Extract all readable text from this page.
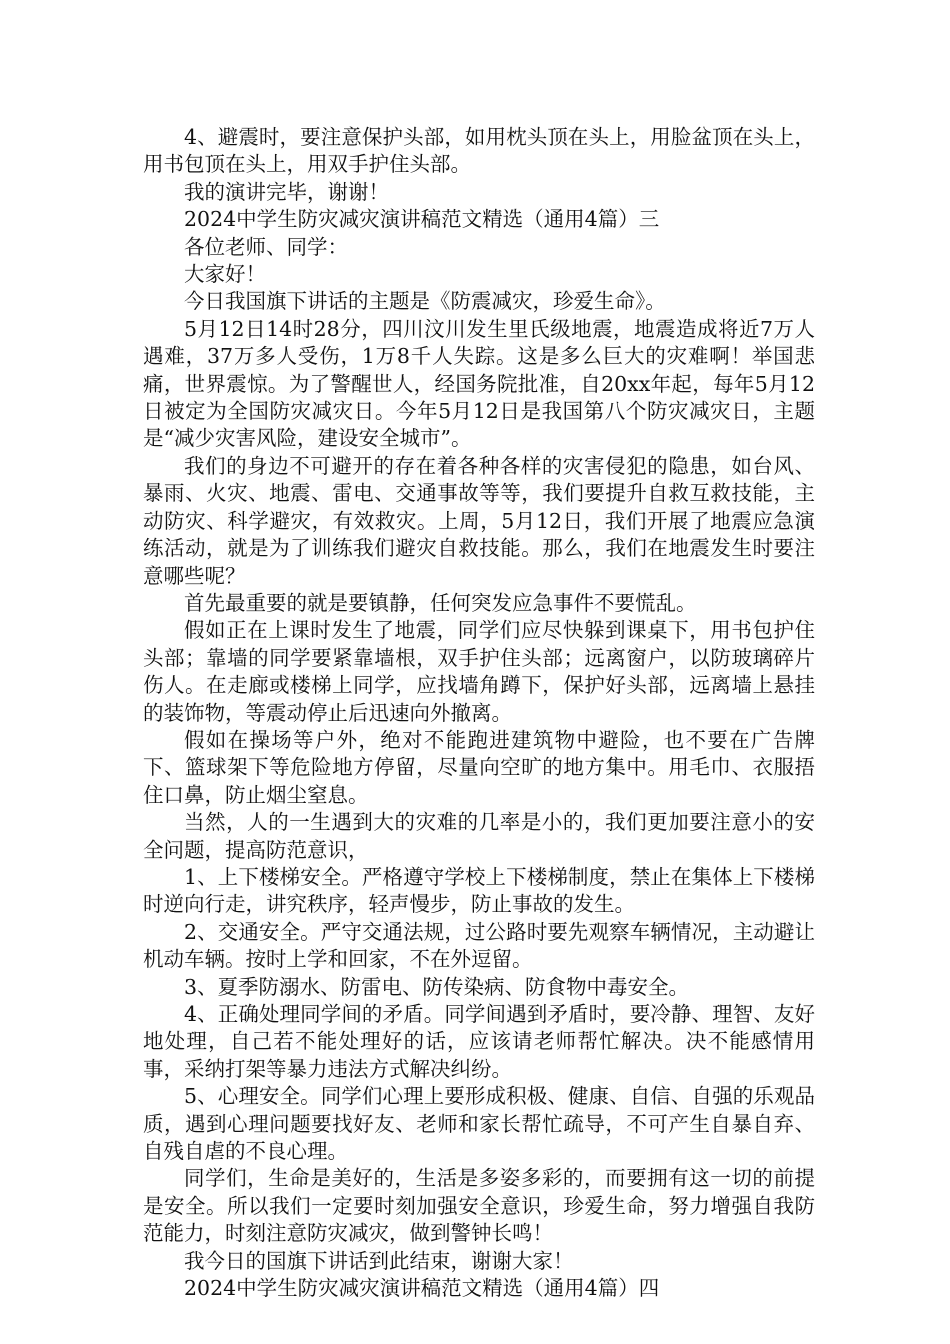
4、避震时，要注意保护头部，如用枕头顶在头上，用脸盆顶在头上，用书包顶在头上，用双手护住头部。

我的演讲完毕，谢谢！

2024中学生防灾减灾演讲稿范文精选（通用4篇）三

各位老师、同学：

大家好！

今日我国旗下讲话的主题是《防震减灾，珍爱生命》。

5月12日14时28分，四川汶川发生里氏级地震，地震造成将近7万人遇难，37万多人受伤，1万8千人失踪。这是多么巨大的灾难啊！举国悲痛，世界震惊。为了警醒世人，经国务院批准，自20xx年起，每年5月12日被定为全国防灾减灾日。今年5月12日是我国第八个防灾减灾日，主题是“减少灾害风险，建设安全城市”。

我们的身边不可避开的存在着各种各样的灾害侵犯的隐患，如台风、暴雨、火灾、地震、雷电、交通事故等等，我们要提升自救互救技能，主动防灾、科学避灾，有效救灾。上周，5月12日，我们开展了地震应急演练活动，就是为了训练我们避灾自救技能。那么，我们在地震发生时要注意哪些呢？

首先最重要的就是要镇静，任何突发应急事件不要慌乱。

假如正在上课时发生了地震，同学们应尽快躲到课桌下，用书包护住头部；靠墙的同学要紧靠墙根，双手护住头部；远离窗户，以防玻璃碎片伤人。在走廊或楼梯上同学，应找墙角蹲下，保护好头部，远离墙上悬挂的装饰物，等震动停止后迅速向外撤离。

假如在操场等户外，绝对不能跑进建筑物中避险，也不要在广告牌下、篮球架下等危险地方停留，尽量向空旷的地方集中。用毛巾、衣服捂住口鼻，防止烟尘窒息。

当然，人的一生遇到大的灾难的几率是小的，我们更加要注意小的安全问题，提高防范意识，

1、上下楼梯安全。严格遵守学校上下楼梯制度，禁止在集体上下楼梯时逆向行走，讲究秩序，轻声慢步，防止事故的发生。

2、交通安全。严守交通法规，过公路时要先观察车辆情况，主动避让机动车辆。按时上学和回家，不在外逗留。

3、夏季防溺水、防雷电、防传染病、防食物中毒安全。

4、正确处理同学间的矛盾。同学间遇到矛盾时，要冷静、理智、友好地处理，自己若不能处理好的话，应该请老师帮忙解决。决不能感情用事，采纳打架等暴力违法方式解决纠纷。

5、心理安全。同学们心理上要形成积极、健康、自信、自强的乐观品质，遇到心理问题要找好友、老师和家长帮忙疏导，不可产生自暴自弃、自残自虐的不良心理。

同学们，生命是美好的，生活是多姿多彩的，而要拥有这一切的前提是安全。所以我们一定要时刻加强安全意识，珍爱生命，努力增强自我防范能力，时刻注意防灾减灾，做到警钟长鸣！

我今日的国旗下讲话到此结束，谢谢大家！

2024中学生防灾减灾演讲稿范文精选（通用4篇）四
